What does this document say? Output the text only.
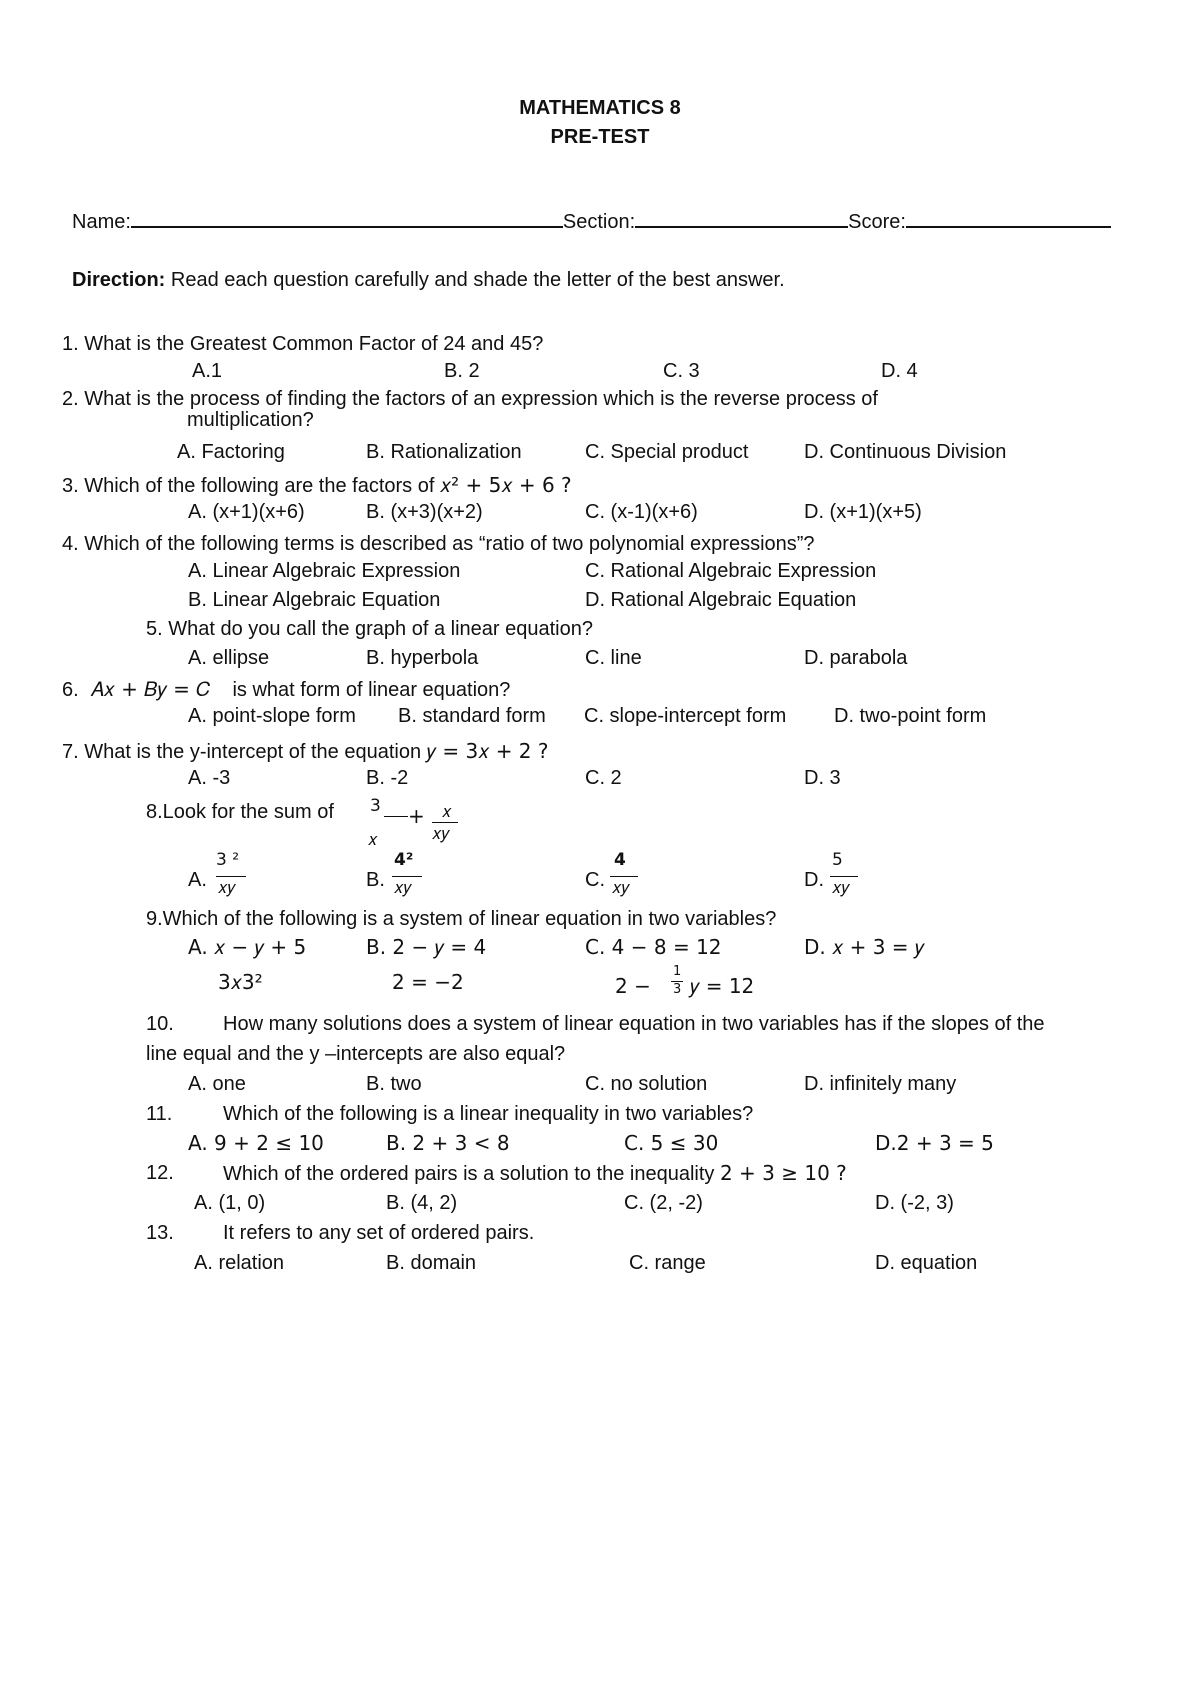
MATHEMATICS 8
PRE-TEST
Name:	Section:	Score:
Direction: Read each question carefully and shade the letter of the best answer.
1. What is the Greatest Common Factor of 24 and 45?
A.1	B. 2	C. 3	D. 4
2. What is the process of finding the factors of an expression which is the reverse process of
multiplication?
A. Factoring	B. Rationalization	C. Special product	D. Continuous Division
3. Which of the following are the factors of 𝑥² + 5𝑥 + 6 ?
A. (x+1)(x+6)	B. (x+3)(x+2)	C. (x-1)(x+6)	D. (x+1)(x+5)
4. Which of the following terms is described as “ratio of two polynomial expressions”?
A. Linear Algebraic Expression	C. Rational Algebraic Expression
B. Linear Algebraic Equation	D. Rational Algebraic Equation
5. What do you call the graph of a linear equation?
A. ellipse	B. hyperbola	C. line	D. parabola
6. 𝐴𝑥 + 𝐵𝑦 = 𝐶 is what form of linear equation?
A. point-slope form B. standard form C. slope-intercept form D. two-point form
7. What is the y-intercept of the equation 𝑦 = 3𝑥 + 2 ?
A. -3	B. -2	C. 2	D. 3
8.Look for the sum of 3
𝑥
+ 𝑥
𝑥𝑦
A.
3 ²
𝑥𝑦	B.
4²
𝑥𝑦	C.
4
𝑥𝑦	D.
5
𝑥𝑦
9.Which of the following is a system of linear equation in two variables?
A. 𝑥 − 𝑦 + 5
3𝑥3²
B. 2 − 𝑦 = 4
2 = −2
C. 4 − 8 = 12
2 −
1
3 𝑦 = 12
D. 𝑥 + 3 = 𝑦
10. How many solutions does a system of linear equation in two variables has if the slopes of the
line equal and the y –intercepts are also equal?
A. one	B. two	C. no solution	D. infinitely many
11.	Which of the following is a linear inequality in two variables?
A. 9 + 2 ≤ 10	B. 2 + 3 < 8	C. 5 ≤ 30	D.2 + 3 = 5
12. Which of the ordered pairs is a solution to the inequality 2 + 3 ≥ 10 ?
A. (1, 0)	B. (4, 2)	C. (2, -2)	D. (-2, 3)
13. It refers to any set of ordered pairs.
A. relation	B. domain	C. range	D. equation
